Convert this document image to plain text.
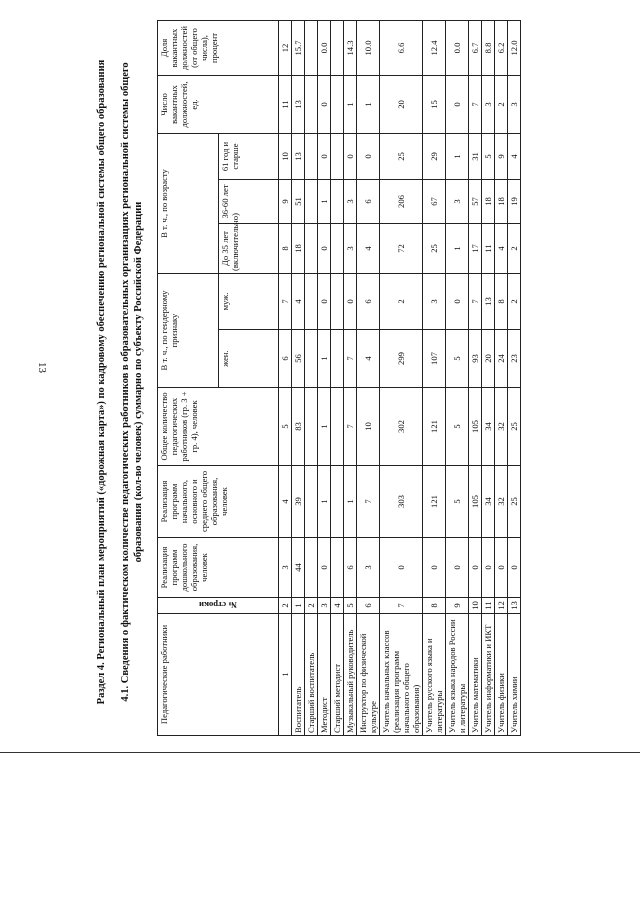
13	Раздел 4. Региональный план мероприятий («дорожная карта») по кадровому обеспечению региональной системы общего образования 4.1. Сведения о фактическом количестве педагогических работников в образовательных организациях региональной системы общего образования (кол-во человек) суммарно по субъекту Российской Федерации
Педагогические работники	№ строки	Реализация программ дошкольного образования, человек	Реализация программ начального, основного и среднего общего образования, человек	Общее количество педагогических работников (гр. 3 + гр. 4), человек	В т. ч., по гендерному признаку		В т. ч., по возрасту			Число вакантных должностей, ед.	Доля вакантных должностей (от общего числа), процент
					жен.	муж.	До 35 лет (включительно)	36-60 лет	61 год и старше		
1	2	3	4	5	6	7	8	9	10	11	12
Воспитатель	1	44	39	83	56	4	18	51	13	13	15.7
Старший воспитатель	2										
Методист	3	0	1	1	1	0	0	1	0	0	0.0
Старший методист	4										
Музыкальный руководитель	5	6	1	7	7	0	3	3	0	1	14.3
Инструктор по физической культуре	6	3	7	10	4	6	4	6	0	1	10.0
Учитель начальных классов (реализация программ начального общего образования)	7	0	303	302	299	2	72	206	25	20	6.6
Учитель русского языка и литературы	8	0	121	121	107	3	25	67	29	15	12.4
Учитель языка народов России и литературы	9	0	5	5	5	0	1	3	1	0	0.0
Учитель математики	10	0	105	105	93	7	17	57	31	7	6.7
Учитель информатики и ИКТ	11	0	34	34	20	13	11	18	5	3	8.8
Учитель физики	12	0	32	32	24	8	4	18	9	2	6.2
Учитель химии	13	0	25	25	23	2	2	19	4	3	12.0
